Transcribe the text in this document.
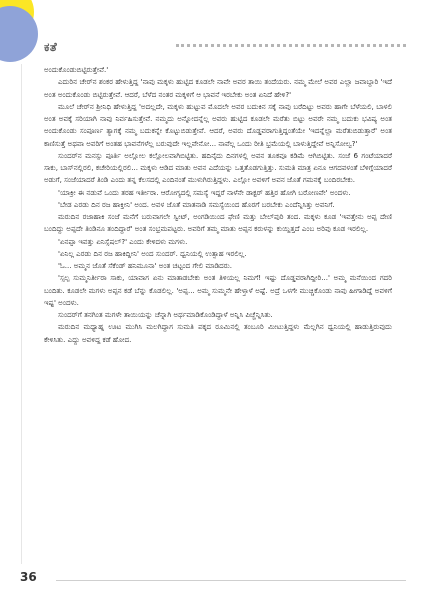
ಕತೆ

ಅಂದುಕೊಂಡುಬಿಟ್ಟಿರುತ್ತೇವೆ.'

ಎದುರಿನ ಚೇರ್‌ನ ಶಂಕರ ಹೇಳುತ್ತಿದ್ದ 'ನಾವು ಮಕ್ಕಳು ಹುಟ್ಟಿದ ಕೂಡಲೇ ನಾವೇ ಅವರ ತಾಯಿ ತಂದೆಯರು. ನಮ್ಮ ಮೇಲೆ ಅವರ ಎಲ್ಲಾ ಜವಾಬ್ದಾರಿ 'ಇದೆ ಅಂತ ಅಂದುಕೊಂಡು ಬಿಟ್ಟಿರುತ್ತೇವೆ. ಆದರೆ, ಬೆಳೆದ ನಂತರ ಮಕ್ಕಳಿಗೆ ಆ ಭಾವನೆ ಇರಬೇಕು ಅಂತ ಏನಿದೆ ಹೇಳಿ?'

ಮೂಲೆ ಚೇರ್‌ನ ಶ್ರೀನಿಧಿ ಹೇಳುತ್ತಿದ್ದ 'ಅದಲ್ಲದೇ, ಮಕ್ಕಳು ಹುಟ್ಟುವ ಮೊದಲೇ ಅವರ ಬದುಕಿನ ಸಕ್ಕೆ ನಾವು ಬರೆದಿಟ್ಟು ಅವರು ಹಾಗೇ ಬೆಳೆಯಲಿ, ಬಾಳಲಿ ಅಂತ ಅವಕ್ಕೆ ಸರಿಯಾಗಿ ನಾವು ನಿರ್ವಹಿಸುತ್ತೇವೆ. ನಮ್ಮದು ಅನ್ನೋದನ್ನೆಲ್ಲ ಅವರು ಹುಟ್ಟಿದ ಕೂಡಲೇ ಮರೆತು ಬಿಟ್ಟು ಅವರೇ ನಮ್ಮ ಬದುಕು ಭವಿಷ್ಯ ಅಂತ ಅಂದುಕೊಂಡು ಸಂಪೂರ್ಣ ತ್ಯಾಗಕ್ಕೆ ನಮ್ಮ ಬದುಕನ್ನೇ ಕೊಟ್ಟುಬಿಡುತ್ತೇವೆ. ಆದರೆ, ಅವರು ದೊಡ್ಡವರಾಗುತ್ತಿದ್ದಂತೆಯೇ 'ಇದನ್ನೆಲ್ಲಾ ಮರೆತುಬಿಡುತ್ತಾರೆ' ಅಂತ ಕಾಣಿಸುತ್ತೆ ಅಥವಾ ಅವರಿಗೆ ಅಂತಹ ಭಾವನೆಗಳೆಲ್ಲ ಬರುವುದೇ ಇಲ್ಲವೇನೋ... ನಾವೆಲ್ಲ ಒಂದು ರೀತಿ ಭ್ರಮೆಯಲ್ಲಿ ಬಾಳುತ್ತಿದ್ದೇವೆ ಅನ್ನಿಸೋಲ್ವ?'

ಸುಂದರ್‌ನ ಮನಸ್ಸು ಪೂರ್ತಿ ಅಲ್ಲೋಲ ಕಲ್ಲೋಲವಾಗಿಬಿಟ್ಟಿತು. ಹದಿನೈದು ದಿನಗಳಲ್ಲಿ ಅವನ ತೂಕವೂ ಕಡಿಮೆ ಆಗಿಬಿಟ್ಟಿತು. ಸಂಜೆ 6 ಗಂಟೆಯಾದರೆ ಸಾಕು, ಬಾಸ್‌ನಲ್ಲಿರಲಿ, ಕಚೇರಿಯಲ್ಲಿರಲಿ... ಮಕ್ಕಳು ಆಡಿದ ಮಾತು ಅವನ ಎದೆಯನ್ನು ಒತ್ತತೊಡಗುತ್ತಿತ್ತು. ಸುಮತಿ ಮಾತ್ರ ಏನೂ ಆಗದವಳಂತೆ ಬೆಳಿಗ್ಗೆಯಾದರೆ ಅಡುಗೆ, ಸಂಜೆಯಾದರೆ ತಿಂಡಿ ಎಂದು ತನ್ನ ಕೆಲಸದಲ್ಲಿ ಎಂದಿನಂತೆ ಮುಳುಗಿರುತ್ತಿದ್ದಳು. ಎಲ್ಲೋ ಅವಳಿಗೆ ಅವನ ಜೊತೆ ಗಮನಕ್ಕೆ ಬಂದಿರಬೇಕು.

'ಯಾಕ್ರೀ ಈ ನಡುವೆ ಒಂದು ತರಹ ಇರ್ತೀರಾ. ಆರೋಗ್ಯದಲ್ಲಿ ಸಮಸ್ಯೆ ಇದ್ದರೆ ನಾಳೆನೇ ಡಾಕ್ಟರ್ ಹತ್ತಿರ ಹೋಗಿ ಬರೋಣವೇ' ಅಂದಳು.

'ಬೇಡ ಎರಡು ದಿನ ರಜ ಹಾಕ್ತೀನಿ' ಅಂದ. ಅವಳ ಜೊತೆ ಮಾತನಾಡಿ ಸಮಸ್ಯೆಯಿಂದ ಹೊರಗೆ ಬರಬೇಕು ಎಂದೆನ್ನಿಸಿತ್ತು ಅವನಿಗೆ.

ಮರುದಿನ ರಜಾಹಾಕಿ ಸಂಜೆ ಮನೆಗೆ ಬರುವಾಗಲೇ ಸ್ವೀಟ್, ಅಂಗಡಿಯಿಂದ ಫೇಣಿ ಮತ್ತು ಬೇಲ್‌ಪುರಿ ತಂದ. ಮಕ್ಕಳು ಕೂಡ 'ಇವತ್ತೇನು ಅಪ್ಪ ದೇಣಿ ಬಂದಿದ್ದು ಅಪ್ಪದೇ ತಿಂಡಿನೂ ತಂದಿದ್ದಾರೆ' ಅಂತ ಸಂಭ್ರಮಪಟ್ಟರು. ಅವರಿಗೆ ತಮ್ಮ ಮಾತು ಅಪ್ಪನ ಕರುಳನ್ನು ಕುಯ್ದಿತ್ತದೆ ಎಂಬ ಅರಿವು ಕೂಡ ಇರಲಿಲ್ಲ.

'ಏನಪ್ಪಾ ಇವತ್ತು ಏನಿಸ್ಸೆಷಲ್?' ಎಂದು ಕೇಳಿದಳು ಮಗಳು.

'ಏನಿಲ್ಲ ಎರಡು ದಿನ ರಜ ಹಾಕಿದ್ದೀನಿ' ಅಂದ ಸುಂದರ್. ಧ್ವನಿಯಲ್ಲಿ ಉತ್ಸಾಹ ಇರಲಿಲ್ಲ.

'ಓ... ಅಮ್ಮನ ಜೊತೆ ಸೆಕೆಂಡ್ ಹನಿಮೂನಾ' ಅಂತ ಚಟ್ಟಂದ ಗೇಲಿ ಮಾಡಿದರು.

'ಸ್ಸಲ್ಪ ಸುಮ್ಮನಿರ್ತೀರಾ ಸಾಕು, ಯಾವಾಗ ಏನು ಮಾತಾಡಬೇಕು ಅಂತ ತಿಳಿಯಲ್ಲ ನಿಮಗೆ! ಇಷ್ಟು ದೊಡ್ಡವರಾಗಿದ್ದೀರಿ...' ಅಮ್ಮ ಮನೆಯಿಂದ ಗದರಿ ಬಂದಿತು. ಕೂಡಲೇ ಮಗಳು ಅಪ್ಪನ ಕಡೆ ಬೆನ್ನು ಕೊಡಲಿಲ್ಲ. 'ಅಪ್ಪ... ಅಮ್ಮ ಸುಮ್ಮನೇ ಹೇಳ್ತಾಳೆ ಅಷ್ಟೆ. ಅದ್ರೆ ಒಳಗೇ ಮುಚ್ಚಿಕೊಂಡು ನಾವು ಹೀಗಾಡಿದ್ದೆ ಅವಳಿಗೆ ಇಷ್ಟ' ಅಂದಳು.

ಸುಂದರ್‌ಗೆ ತನಗಿಂತ ಮಗಳೇ ತಾಯಿಯನ್ನು ಚೆನ್ನಾಗಿ ಅರ್ಥಮಾಡಿಕೊಂಡಿದ್ದಾಳೆ ಅನ್ನಿಸಿ ಪಿಚ್ಚೆನ್ನಿಸಿತು.

ಮರುದಿನ ಮಧ್ಯಾಹ್ನ ಊಟ ಮುಗಿಸಿ ಮಲಗಿದ್ದಾಗ ಸುಮತಿ ಪಕ್ಕದ ರೂಮಿನಲ್ಲಿ ತಂಬೂರಿ ಮೀಟುತ್ತಿದ್ದಳು ಮೆಲ್ಲಗಿನ ಧ್ವನಿಯಲ್ಲಿ ಹಾಡುತ್ತಿರುವುದು ಕೇಳಿಸಿತು. ಎದ್ದು ಅವಳಿದ್ದ ಕಡೆ ಹೋದ.

36
